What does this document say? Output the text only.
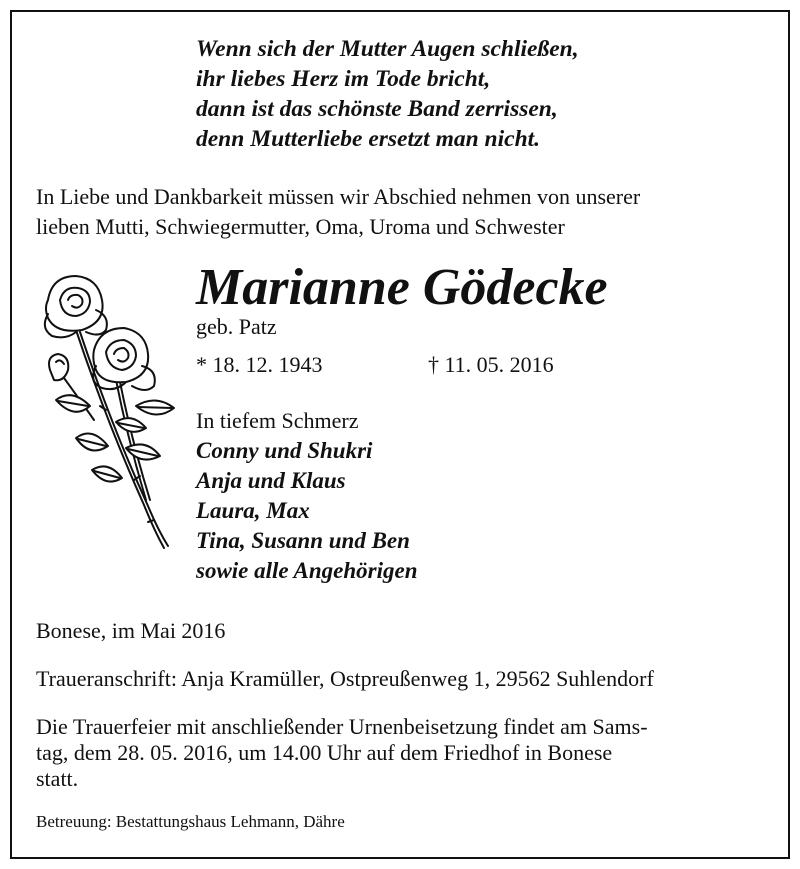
Wenn sich der Mutter Augen schließen,
ihr liebes Herz im Tode bricht,
dann ist das schönste Band zerrissen,
denn Mutterliebe ersetzt man nicht.
In Liebe und Dankbarkeit müssen wir Abschied nehmen von unserer
lieben Mutti, Schwiegermutter, Oma, Uroma und Schwester
Marianne Gödecke
geb. Patz
* 18. 12. 1943	† 11. 05. 2016
In tiefem Schmerz
Conny und Shukri
Anja und Klaus
Laura, Max
Tina, Susann und Ben
sowie alle Angehörigen
Bonese, im Mai 2016
Traueranschrift: Anja Kramüller, Ostpreußenweg 1, 29562 Suhlendorf
Die Trauerfeier mit anschließender Urnenbeisetzung findet am Sams-
tag, dem 28. 05. 2016, um 14.00 Uhr auf dem Friedhof in Bonese
statt.
Betreuung: Bestattungshaus Lehmann, Dähre
